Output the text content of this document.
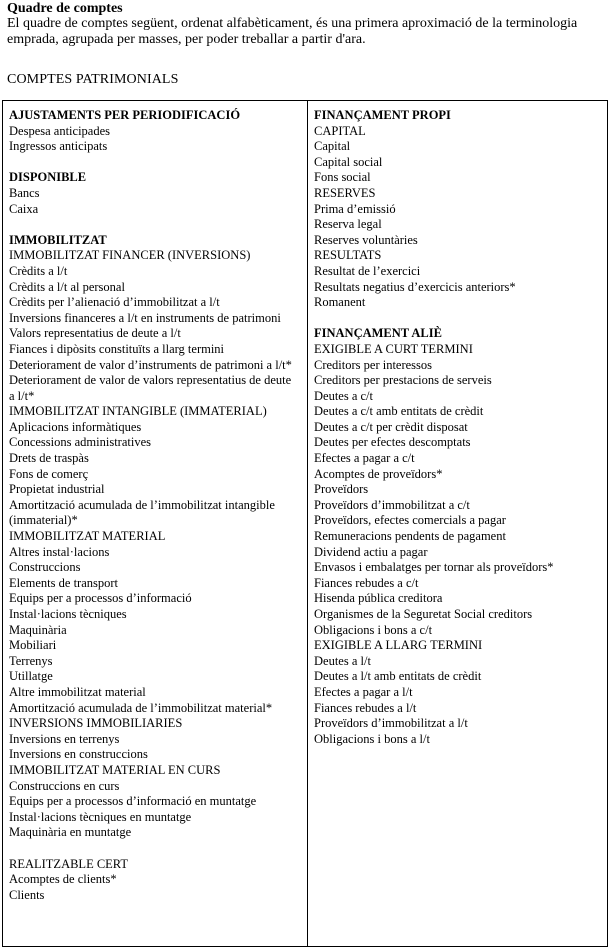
Quadre de comptes
El quadre de comptes següent, ordenat alfabèticament, és una primera aproximació de la terminologia emprada, agrupada per masses, per poder treballar a partir d'ara.
COMPTES PATRIMONIALS
AJUSTAMENTS PER PERIODIFICACIÓ
Despesa anticipades
Ingressos anticipats
DISPONIBLE
Bancs
Caixa
IMMOBILITZAT
IMMOBILITZAT FINANCER (INVERSIONS)
Crèdits a l/t
Crèdits a l/t al personal
Crèdits per l’alienació d’immobilitzat a l/t
Inversions financeres a l/t en instruments de patrimoni
Valors representatius de deute a l/t
Fiances i dipòsits constituïts a llarg termini
Deteriorament de valor d’instruments de patrimoni a l/t*
Deteriorament de valor de valors representatius de deute a l/t*
IMMOBILITZAT INTANGIBLE (IMMATERIAL)
Aplicacions informàtiques
Concessions administratives
Drets de traspàs
Fons de comerç
Propietat industrial
Amortització acumulada de l’immobilitzat intangible (immaterial)*
IMMOBILITZAT MATERIAL
Altres instal·lacions
Construccions
Elements de transport
Equips per a processos d’informació
Instal·lacions tècniques
Maquinària
Mobiliari
Terrenys
Utillatge
Altre immobilitzat material
Amortització acumulada de l’immobilitzat material*
INVERSIONS IMMOBILIARIES
Inversions en terrenys
Inversions en construccions
IMMOBILITZAT MATERIAL EN CURS
Construccions en curs
Equips per a processos d’informació en muntatge
Instal·lacions tècniques en muntatge
Maquinària en muntatge
REALITZABLE CERT
Acomptes de clients*
Clients
FINANÇAMENT PROPI
CAPITAL
Capital
Capital social
Fons social
RESERVES
Prima d’emissió
Reserva legal
Reserves voluntàries
RESULTATS
Resultat de l’exercici
Resultats negatius d’exercicis anteriors*
Romanent
FINANÇAMENT ALIÈ
EXIGIBLE A CURT TERMINI
Creditors per interessos
Creditors per prestacions de serveis
Deutes a c/t
Deutes a c/t amb entitats de crèdit
Deutes a c/t per crèdit disposat
Deutes per efectes descomptats
Efectes a pagar a c/t
Acomptes de proveïdors*
Proveïdors
Proveïdors d’immobilitzat a c/t
Proveïdors, efectes comercials a pagar
Remuneracions pendents de pagament
Dividend actiu a pagar
Envasos i embalatges per tornar als proveïdors*
Fiances rebudes a c/t
Hisenda pública creditora
Organismes de la Seguretat Social creditors
Obligacions i bons a c/t
EXIGIBLE A LLARG TERMINI
Deutes a l/t
Deutes a l/t amb entitats de crèdit
Efectes a pagar a l/t
Fiances rebudes a l/t
Proveïdors d’immobilitzat a l/t
Obligacions i bons a l/t
